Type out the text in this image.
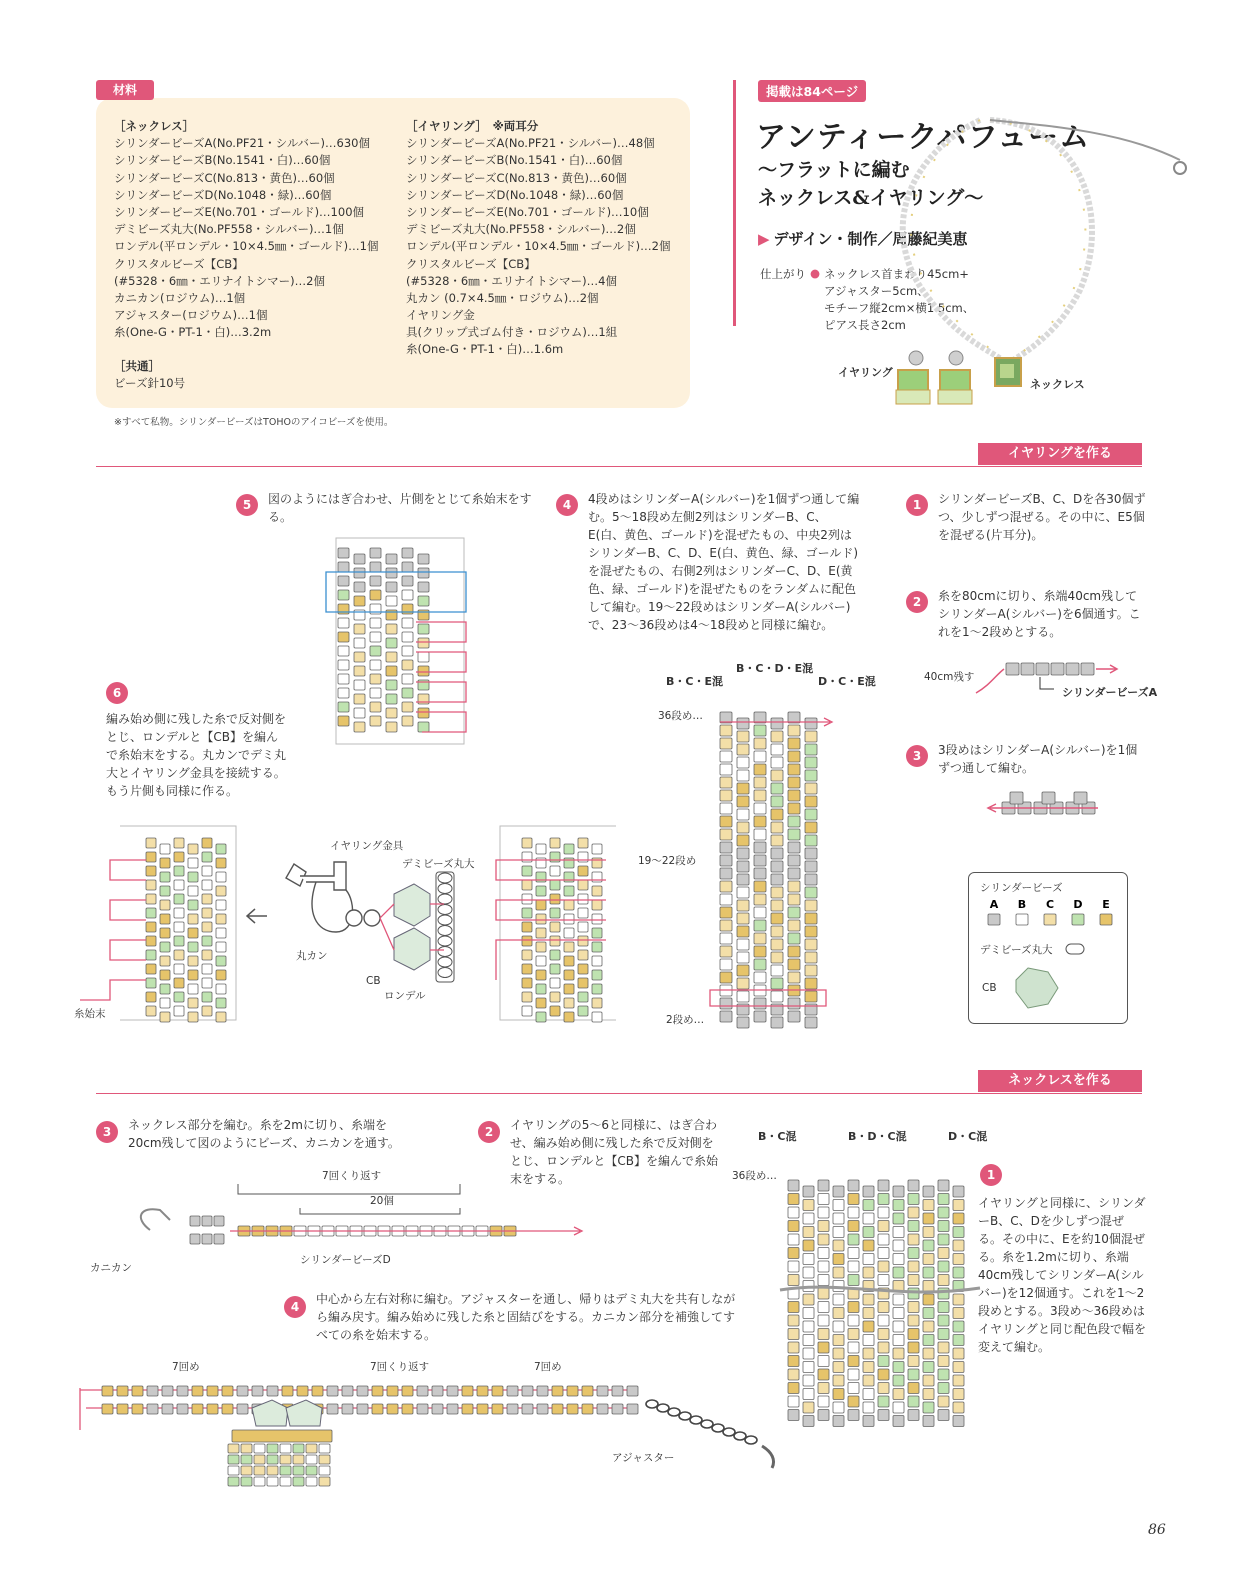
材料
［ネックレス］
シリンダービーズA(No.PF21・シルバー)…630個
シリンダービーズB(No.1541・白)…60個
シリンダービーズC(No.813・黄色)…60個
シリンダービーズD(No.1048・緑)…60個
シリンダービーズE(No.701・ゴールド)…100個
デミビーズ丸大(No.PF558・シルバー)…1個
ロンデル(平ロンデル・10×4.5㎜・ゴールド)…1個
クリスタルビーズ【CB】
(#5328・6㎜・エリナイトシマー)…2個
カニカン(ロジウム)…1個
アジャスター(ロジウム)…1個
糸(One-G・PT-1・白)…3.2m
［共通］
ビーズ針10号
［イヤリング］　※両耳分
シリンダービーズA(No.PF21・シルバー)…48個
シリンダービーズB(No.1541・白)…60個
シリンダービーズC(No.813・黄色)…60個
シリンダービーズD(No.1048・緑)…60個
シリンダービーズE(No.701・ゴールド)…10個
デミビーズ丸大(No.PF558・シルバー)…2個
ロンデル(平ロンデル・10×4.5㎜・ゴールド)…2個
クリスタルビーズ【CB】
(#5328・6㎜・エリナイトシマー)…4個
丸カン (0.7×4.5㎜・ロジウム)…2個
イヤリング金
具(クリップ式ゴム付き・ロジウム)…1組
糸(One-G・PT-1・白)…1.6m
※すべて私物。シリンダービーズはTOHOのアイコビーズを使用。
掲載は84ページ
アンティークパフューム
〜フラットに編む
ネックレス&イヤリング〜
▶ デザイン・制作／周藤紀美恵
仕上がり ● ネックレス首まわり45cm+
アジャスター5cm、
モチーフ縦2cm×横1.5cm、
ピアス長さ2cm
イヤリング
ネックレス
イヤリングを作る
5	図のようにはぎ合わせ、片側をとじて糸始末をする。
4	4段めはシリンダーA(シルバー)を1個ずつ通して編む。5〜18段め左側2列はシリンダーB、C、E(白、黄色、ゴールド)を混ぜたもの、中央2列はシリンダーB、C、D、E(白、黄色、緑、ゴールド)を混ぜたもの、右側2列はシリンダーC、D、E(黄色、緑、ゴールド)を混ぜたものをランダムに配色して編む。19〜22段めはシリンダーA(シルバー)で、23〜36段めは4〜18段めと同様に編む。
1	シリンダービーズB、C、Dを各30個ずつ、少しずつ混ぜる。その中に、E5個を混ぜる(片耳分)。
2	糸を80cmに切り、糸端40cm残してシリンダーA(シルバー)を6個通す。これを1〜2段めとする。
3	3段めはシリンダーA(シルバー)を1個ずつ通して編む。
6
編み始め側に残した糸で反対側をとじ、ロンデルと【CB】を編んで糸始末をする。丸カンでデミ丸大とイヤリング金具を接続する。もう片側も同様に作る。
40cm残す
シリンダービーズA
A B C D E
シリンダービーズ
デミビーズ丸大
CB
B・C・E混
B・C・D・E混
D・C・E混
36段め…
19〜22段め
2段め…
イヤリング金具
デミビーズ丸大
丸カン
CB
ロンデル
糸始末
ネックレスを作る
3	ネックレス部分を編む。糸を2mに切り、糸端を20cm残して図のようにビーズ、カニカンを通す。
2	イヤリングの5〜6と同様に、はぎ合わせ、編み始め側に残した糸で反対側をとじ、ロンデルと【CB】を編んで糸始末をする。	1
イヤリングと同様に、シリンダーB、C、Dを少しずつ混ぜる。その中に、Eを約10個混ぜる。糸を1.2mに切り、糸端40cm残してシリンダーA(シルバー)を12個通す。これを1〜2段めとする。3段め〜36段めはイヤリングと同じ配色段で幅を変えて編む。
4
中心から左右対称に編む。アジャスターを通し、帰りはデミ丸大を共有しながら編み戻す。編み始めに残した糸と固結びをする。カニカン部分を補強してすべての糸を始末する。
B・C混	B・D・C混	D・C混
36段め…
7回くり返す
20個
カニカン
シリンダービーズD
7回め	7回くり返す	7回め
アジャスター
86
